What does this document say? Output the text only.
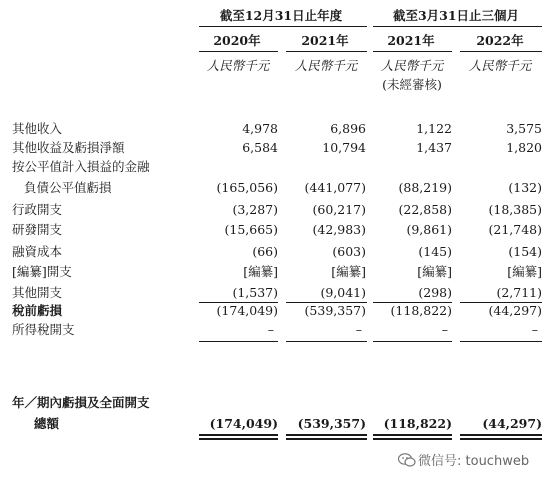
截至12月31日止年度	截至3月31日止三個月
2020年	2021年	2021年	2022年
人民幣千元	人民幣千元	人民幣千元	人民幣千元
(未經審核)
其他收入	4,978	6,896	1,122	3,575
其他收益及虧損淨額	6,584	10,794	1,437	1,820
按公平值計入損益的金融
負債公平值虧損	(165,056)	(441,077)	(88,219)	(132)
行政開支	(3,287)	(60,217)	(22,858)	(18,385)
研發開支	(15,665)	(42,983)	(9,861)	(21,748)
融資成本	(66)	(603)	(145)	(154)
[編纂]開支	[編纂]	[編纂]	[編纂]	[編纂]
其他開支	(1,537)	(9,041)	(298)	(2,711)
稅前虧損	(174,049)	(539,357)	(118,822)	(44,297)
所得稅開支	–	–	–	–
年／期內虧損及全面開支
總額	(174,049)	(539,357)	(118,822)	(44,297)
微信号: touchweb
